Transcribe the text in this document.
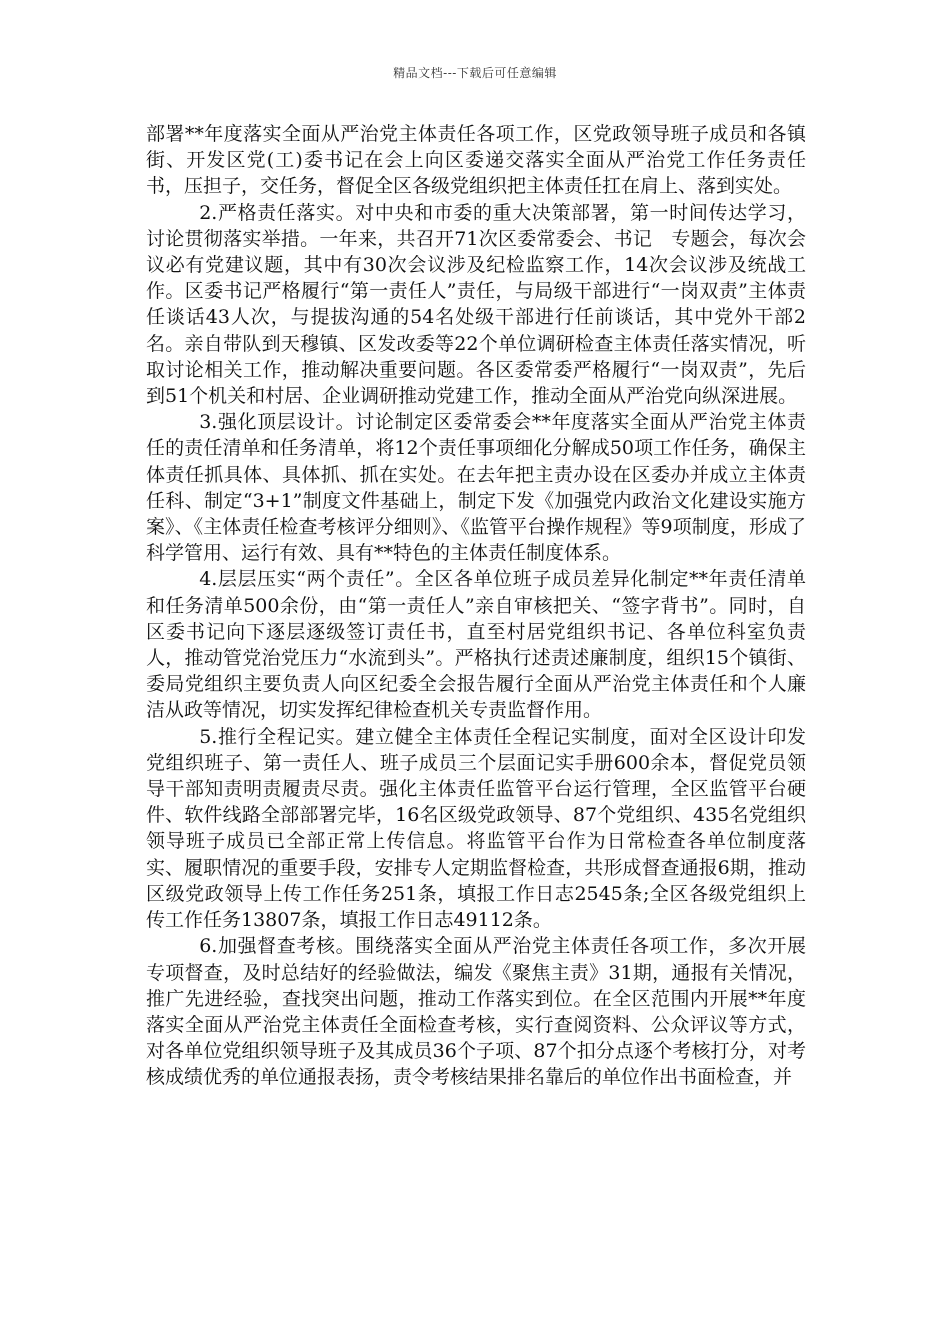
精品文档---下载后可任意编辑

部署**年度落实全面从严治党主体责任各项工作，区党政领导班子成员和各镇街、开发区党(工)委书记在会上向区委递交落实全面从严治党工作任务责任书，压担子，交任务，督促全区各级党组织把主体责任扛在肩上、落到实处。

2.严格责任落实。对中央和市委的重大决策部署，第一时间传达学习，讨论贯彻落实举措。一年来，共召开71次区委常委会、书记　专题会，每次会议必有党建议题，其中有30次会议涉及纪检监察工作，14次会议涉及统战工作。区委书记严格履行“第一责任人”责任，与局级干部进行“一岗双责”主体责任谈话43人次，与提拔沟通的54名处级干部进行任前谈话，其中党外干部2名。亲自带队到天穆镇、区发改委等22个单位调研检查主体责任落实情况，听取讨论相关工作，推动解决重要问题。各区委常委严格履行“一岗双责”，先后到51个机关和村居、企业调研推动党建工作，推动全面从严治党向纵深进展。

3.强化顶层设计。讨论制定区委常委会**年度落实全面从严治党主体责任的责任清单和任务清单，将12个责任事项细化分解成50项工作任务，确保主体责任抓具体、具体抓、抓在实处。在去年把主责办设在区委办并成立主体责任科、制定“3+1”制度文件基础上，制定下发《加强党内政治文化建设实施方案》、《主体责任检查考核评分细则》、《监管平台操作规程》等9项制度，形成了科学管用、运行有效、具有**特色的主体责任制度体系。

4.层层压实“两个责任”。全区各单位班子成员差异化制定**年责任清单和任务清单500余份，由“第一责任人”亲自审核把关、“签字背书”。同时，自区委书记向下逐层逐级签订责任书，直至村居党组织书记、各单位科室负责人，推动管党治党压力“水流到头”。严格执行述责述廉制度，组织15个镇街、委局党组织主要负责人向区纪委全会报告履行全面从严治党主体责任和个人廉洁从政等情况，切实发挥纪律检查机关专责监督作用。

5.推行全程记实。建立健全主体责任全程记实制度，面对全区设计印发党组织班子、第一责任人、班子成员三个层面记实手册600余本，督促党员领导干部知责明责履责尽责。强化主体责任监管平台运行管理，全区监管平台硬件、软件线路全部部署完毕，16名区级党政领导、87个党组织、435名党组织领导班子成员已全部正常上传信息。将监管平台作为日常检查各单位制度落实、履职情况的重要手段，安排专人定期监督检查，共形成督查通报6期，推动区级党政领导上传工作任务251条，填报工作日志2545条;全区各级党组织上传工作任务13807条，填报工作日志49112条。

6.加强督查考核。围绕落实全面从严治党主体责任各项工作，多次开展专项督查，及时总结好的经验做法，编发《聚焦主责》31期，通报有关情况，推广先进经验，查找突出问题，推动工作落实到位。在全区范围内开展**年度落实全面从严治党主体责任全面检查考核，实行查阅资料、公众评议等方式，对各单位党组织领导班子及其成员36个子项、87个扣分点逐个考核打分，对考核成绩优秀的单位通报表扬，责令考核结果排名靠后的单位作出书面检查，并
